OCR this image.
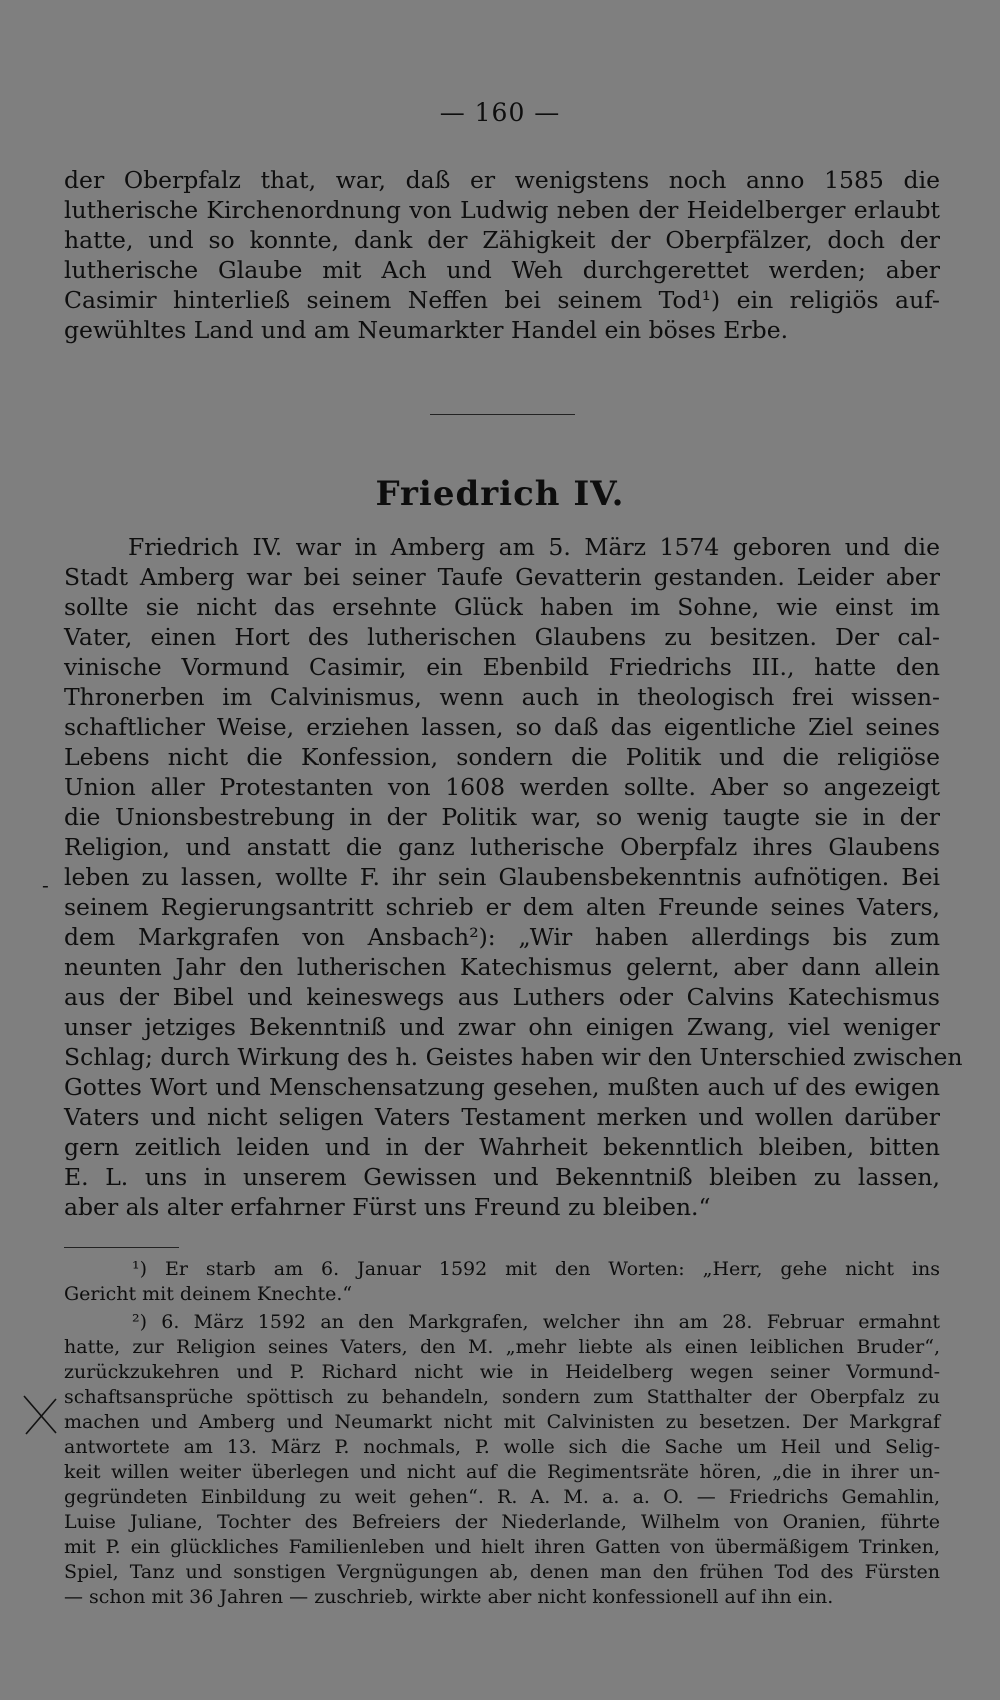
— 160 —
der Oberpfalz that, war, daß er wenigstens noch anno 1585 die
lutherische Kirchenordnung von Ludwig neben der Heidelberger erlaubt
hatte, und so konnte, dank der Zähigkeit der Oberpfälzer, doch der
lutherische Glaube mit Ach und Weh durchgerettet werden; aber
Casimir hinterließ seinem Neffen bei seinem Tod¹) ein religiös auf-
gewühltes Land und am Neumarkter Handel ein böses Erbe.
Friedrich IV.
Friedrich IV. war in Amberg am 5. März 1574 geboren und die
Stadt Amberg war bei seiner Taufe Gevatterin gestanden. Leider aber
sollte sie nicht das ersehnte Glück haben im Sohne, wie einst im
Vater, einen Hort des lutherischen Glaubens zu besitzen. Der cal-
vinische Vormund Casimir, ein Ebenbild Friedrichs III., hatte den
Thronerben im Calvinismus, wenn auch in theologisch frei wissen-
schaftlicher Weise, erziehen lassen, so daß das eigentliche Ziel seines
Lebens nicht die Konfession, sondern die Politik und die religiöse
Union aller Protestanten von 1608 werden sollte. Aber so angezeigt
die Unionsbestrebung in der Politik war, so wenig taugte sie in der
Religion, und anstatt die ganz lutherische Oberpfalz ihres Glaubens
leben zu lassen, wollte F. ihr sein Glaubensbekenntnis aufnötigen. Bei
seinem Regierungsantritt schrieb er dem alten Freunde seines Vaters,
dem Markgrafen von Ansbach²): „Wir haben allerdings bis zum
neunten Jahr den lutherischen Katechismus gelernt, aber dann allein
aus der Bibel und keineswegs aus Luthers oder Calvins Katechismus
unser jetziges Bekenntniß und zwar ohn einigen Zwang, viel weniger
Schlag; durch Wirkung des h. Geistes haben wir den Unterschied zwischen
Gottes Wort und Menschensatzung gesehen, mußten auch uf des ewigen
Vaters und nicht seligen Vaters Testament merken und wollen darüber
gern zeitlich leiden und in der Wahrheit bekenntlich bleiben, bitten
E. L. uns in unserem Gewissen und Bekenntniß bleiben zu lassen,
aber als alter erfahrner Fürst uns Freund zu bleiben.“
¹) Er starb am 6. Januar 1592 mit den Worten: „Herr, gehe nicht ins
Gericht mit deinem Knechte.“
²) 6. März 1592 an den Markgrafen, welcher ihn am 28. Februar ermahnt
hatte, zur Religion seines Vaters, den M. „mehr liebte als einen leiblichen Bruder“,
zurückzukehren und P. Richard nicht wie in Heidelberg wegen seiner Vormund-
schaftsansprüche spöttisch zu behandeln, sondern zum Statthalter der Oberpfalz zu
machen und Amberg und Neumarkt nicht mit Calvinisten zu besetzen. Der Markgraf
antwortete am 13. März P. nochmals, P. wolle sich die Sache um Heil und Selig-
keit willen weiter überlegen und nicht auf die Regimentsräte hören, „die in ihrer un-
gegründeten Einbildung zu weit gehen“. R. A. M. a. a. O. — Friedrichs Gemahlin,
Luise Juliane, Tochter des Befreiers der Niederlande, Wilhelm von Oranien, führte
mit P. ein glückliches Familienleben und hielt ihren Gatten von übermäßigem Trinken,
Spiel, Tanz und sonstigen Vergnügungen ab, denen man den frühen Tod des Fürsten
— schon mit 36 Jahren — zuschrieb, wirkte aber nicht konfessionell auf ihn ein.
-
